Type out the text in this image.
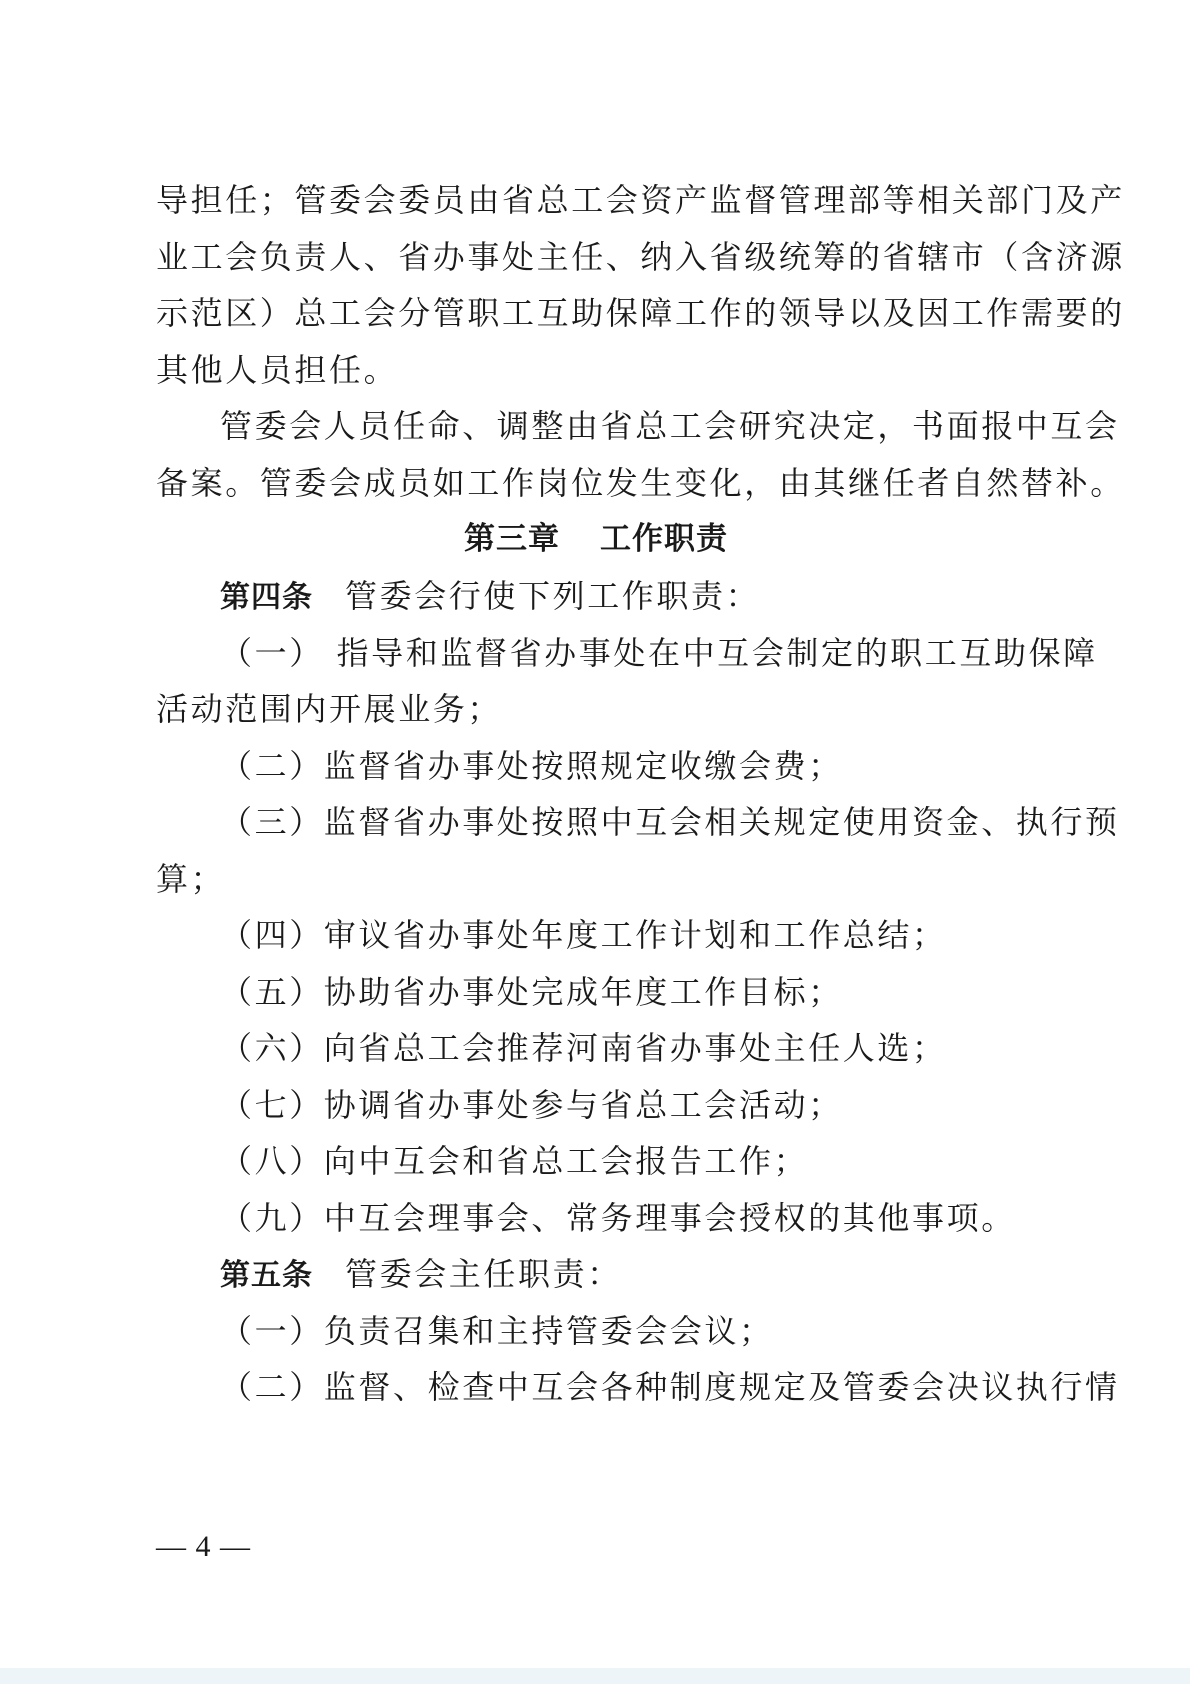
导担任；管委会委员由省总工会资产监督管理部等相关部门及产
业工会负责人、省办事处主任、纳入省级统筹的省辖市（含济源
示范区）总工会分管职工互助保障工作的领导以及因工作需要的
其他人员担任。
管委会人员任命、调整由省总工会研究决定，书面报中互会
备案。管委会成员如工作岗位发生变化，由其继任者自然替补。
第三章 工作职责
第四条 管委会行使下列工作职责：
（一） 指导和监督省办事处在中互会制定的职工互助保障
活动范围内开展业务；
（二）监督省办事处按照规定收缴会费；
（三）监督省办事处按照中互会相关规定使用资金、执行预
算；
（四）审议省办事处年度工作计划和工作总结；
（五）协助省办事处完成年度工作目标；
（六）向省总工会推荐河南省办事处主任人选；
（七）协调省办事处参与省总工会活动；
（八）向中互会和省总工会报告工作；
（九）中互会理事会、常务理事会授权的其他事项。
第五条 管委会主任职责：
（一）负责召集和主持管委会会议；
（二）监督、检查中互会各种制度规定及管委会决议执行情
— 4 —
